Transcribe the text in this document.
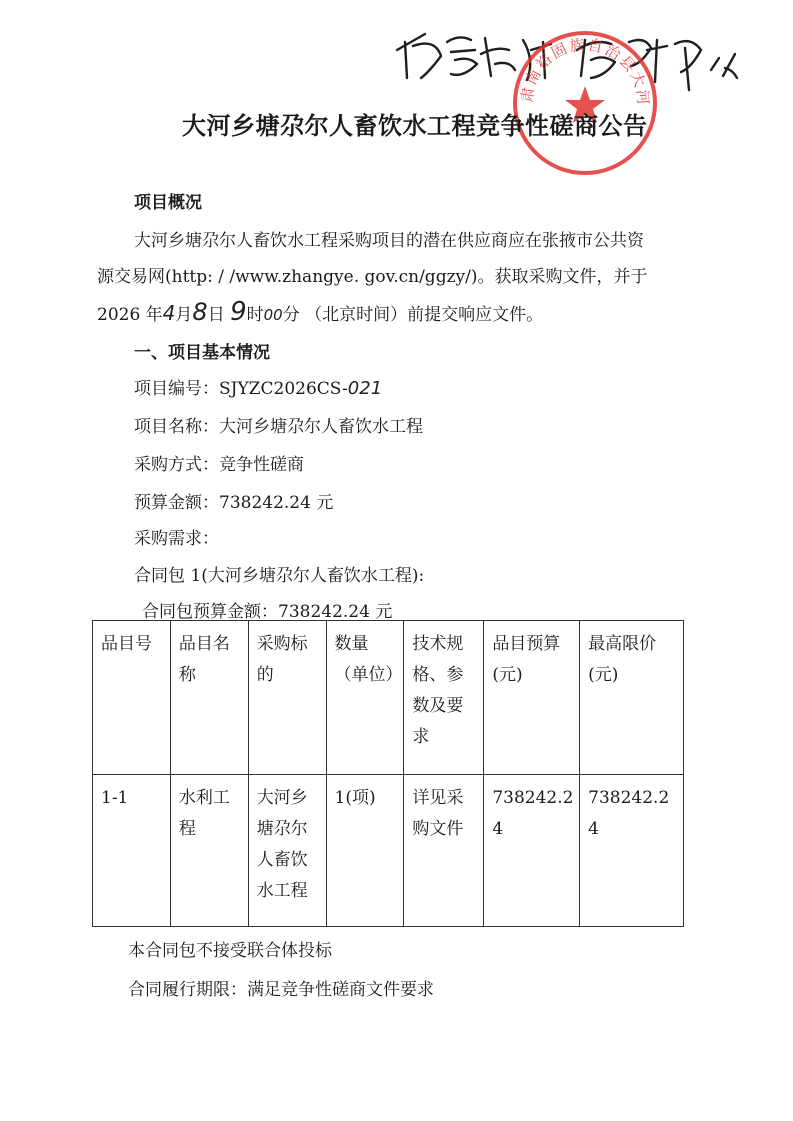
肃南裕固族自治县大河乡人民政府
大河乡塘尕尔人畜饮水工程竞争性磋商公告
项目概况
大河乡塘尕尔人畜饮水工程采购项目的潜在供应商应在张掖市公共资
源交易网(http: / /www.zhangye. gov.cn/ggzy/)。获取采购文件，并于
2026 年4月8日 9时00分 （北京时间）前提交响应文件。
一、项目基本情况
项目编号：SJYZC2026CS-021
项目名称：大河乡塘尕尔人畜饮水工程
采购方式：竞争性磋商
预算金额：738242.24 元
采购需求：
合同包 1(大河乡塘尕尔人畜饮水工程):
合同包预算金额：738242.24 元
品目号	品目名称	采购标的	数量（单位）	技术规格、参数及要求	品目预算(元)	最高限价(元)

1-1	水利工程	大河乡塘尕尔人畜饮水工程	1(项)	详见采购文件	738242.24	738242.24
本合同包不接受联合体投标
合同履行期限：满足竞争性磋商文件要求
